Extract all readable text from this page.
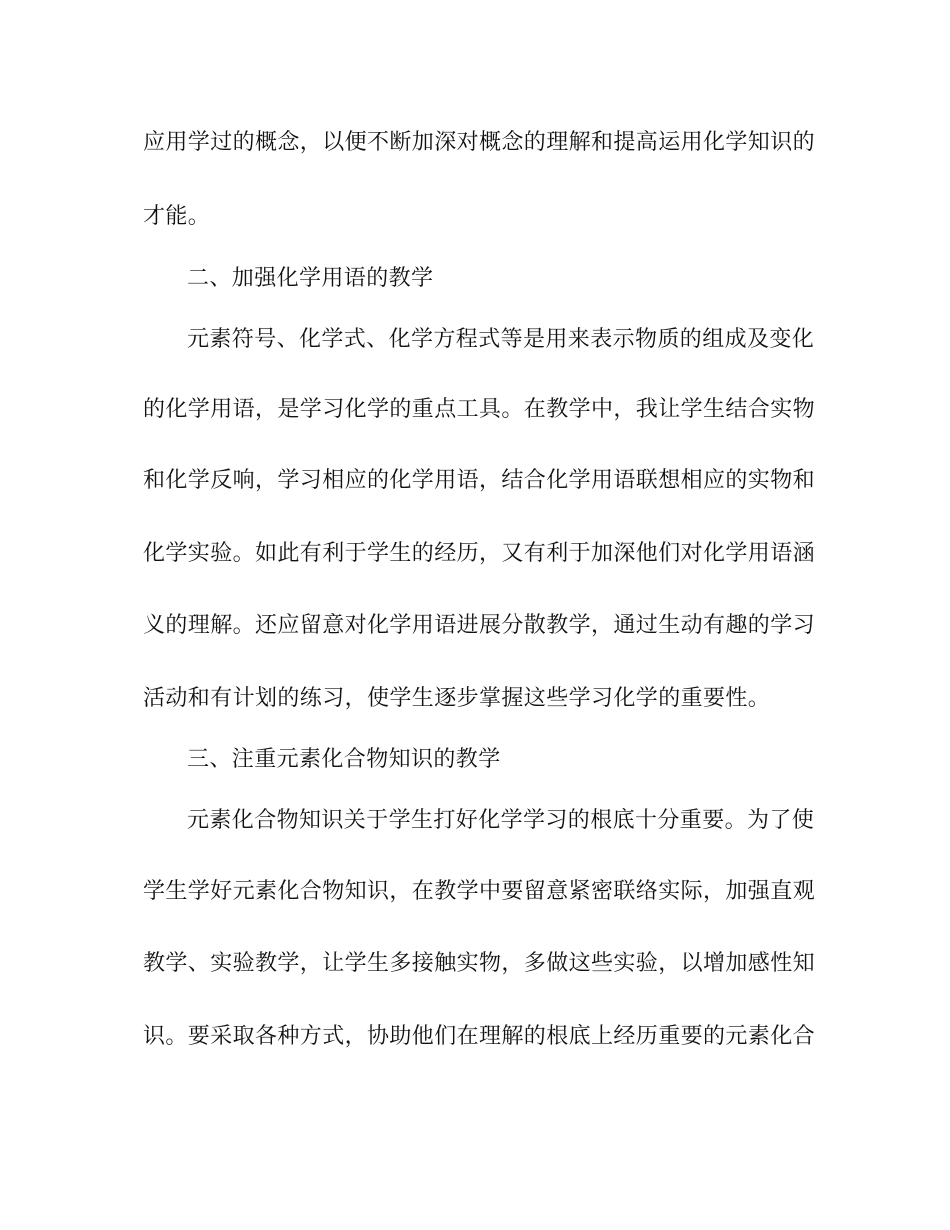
应用学过的概念，以便不断加深对概念的理解和提高运用化学知识的
才能。
二、加强化学用语的教学
元素符号、化学式、化学方程式等是用来表示物质的组成及变化
的化学用语，是学习化学的重点工具。在教学中，我让学生结合实物
和化学反响，学习相应的化学用语，结合化学用语联想相应的实物和
化学实验。如此有利于学生的经历，又有利于加深他们对化学用语涵
义的理解。还应留意对化学用语进展分散教学，通过生动有趣的学习
活动和有计划的练习，使学生逐步掌握这些学习化学的重要性。
三、注重元素化合物知识的教学
元素化合物知识关于学生打好化学学习的根底十分重要。为了使
学生学好元素化合物知识，在教学中要留意紧密联络实际，加强直观
教学、实验教学，让学生多接触实物，多做这些实验，以增加感性知
识。要采取各种方式，协助他们在理解的根底上经历重要的元素化合
